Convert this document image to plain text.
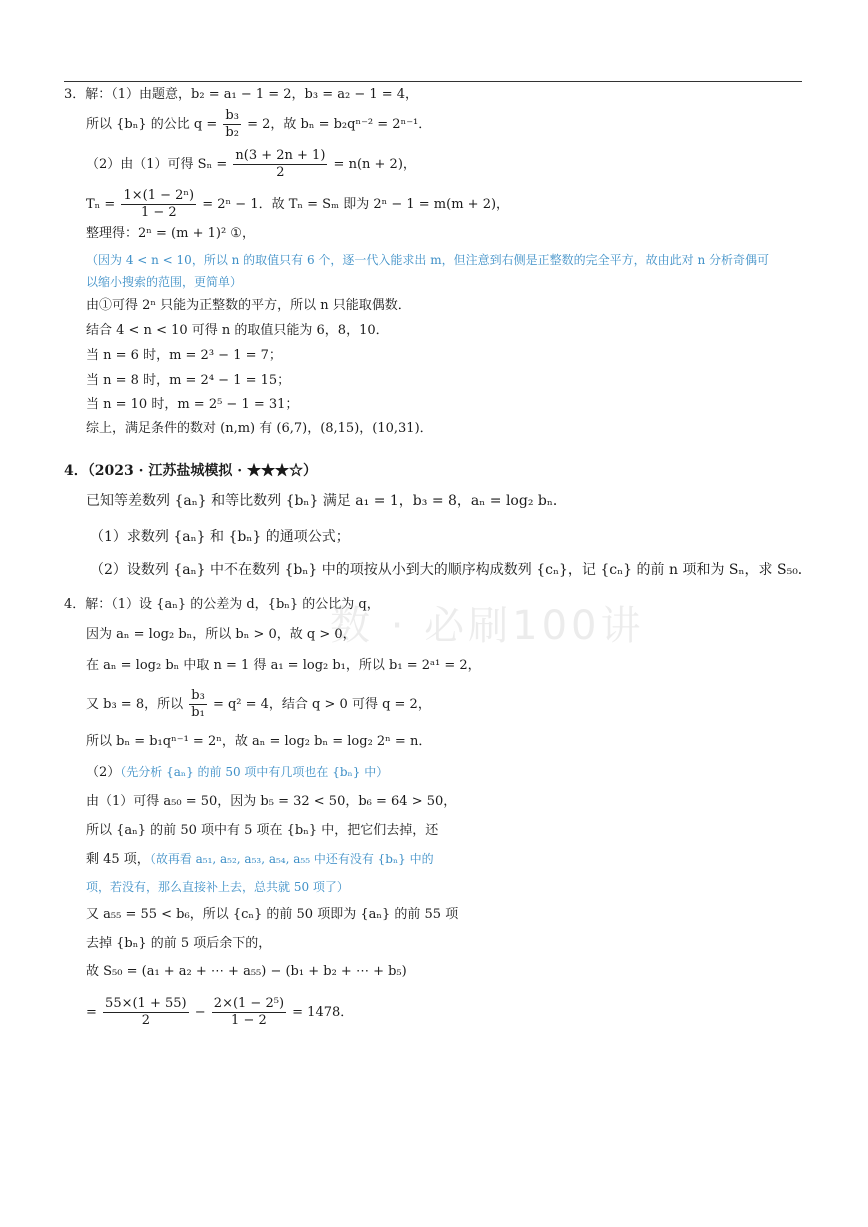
数 · 必刷100讲
3．解：（1）由题意，b₂ = a₁ − 1 = 2，b₃ = a₂ − 1 = 4，
所以 {bₙ} 的公比 $q = \frac{\text{b₃}}{\text{b₂}} = 2$，故 bₙ = b₂qⁿ⁻² = 2ⁿ⁻¹．
（2）由（1）可得 $S_n = \frac{n(3 + 2n + 1)}{2} = n(n + 2)$，
$T_n = \frac{\text{1×(1 − 2ⁿ)}}{1 - 2} = 2^n - 1$．故 Tₙ = Sₘ 即为 2ⁿ − 1 = m(m + 2)，
整理得：2ⁿ = (m + 1)² ①，
（因为 4 < n < 10，所以 n 的取值只有 6 个，逐一代入能求出 m，但注意到右侧是正整数的完全平方，故由此对 n 分析奇偶可
以缩小搜索的范围，更简单）
由①可得 2ⁿ 只能为正整数的平方，所以 n 只能取偶数．
结合 4 < n < 10 可得 n 的取值只能为 6，8，10．
当 n = 6 时，m = 2³ − 1 = 7；
当 n = 8 时，m = 2⁴ − 1 = 15；
当 n = 10 时，m = 2⁵ − 1 = 31；
综上，满足条件的数对 (n,m) 有 (6,7)，(8,15)，(10,31)．
4．（2023 · 江苏盐城模拟 · ★★★☆）
已知等差数列 {aₙ} 和等比数列 {bₙ} 满足 a₁ = 1，b₃ = 8，aₙ = log₂ bₙ．
（1）求数列 {aₙ} 和 {bₙ} 的通项公式；
（2）设数列 {aₙ} 中不在数列 {bₙ} 中的项按从小到大的顺序构成数列 {cₙ}，记 {cₙ} 的前 n 项和为 Sₙ，求 S₅₀．
4．解：（1）设 {aₙ} 的公差为 d，{bₙ} 的公比为 q，
因为 aₙ = log₂ bₙ，所以 bₙ > 0，故 q > 0，
在 aₙ = log₂ bₙ 中取 n = 1 得 a₁ = log₂ b₁，所以 b₁ = 2ᵃ¹ = 2，
又 b₃ = 8，所以 $\frac{\text{b₃}}{\text{b₁}} = q^2 = 4$，结合 q > 0 可得 q = 2，
所以 bₙ = b₁qⁿ⁻¹ = 2ⁿ，故 aₙ = log₂ bₙ = log₂ 2ⁿ = n．
（2）（先分析 {aₙ} 的前 50 项中有几项也在 {bₙ} 中）
由（1）可得 a₅₀ = 50，因为 b₅ = 32 < 50，b₆ = 64 > 50，
所以 {aₙ} 的前 50 项中有 5 项在 {bₙ} 中，把它们去掉，还
剩 45 项，（故再看 a₅₁, a₅₂, a₅₃, a₅₄, a₅₅ 中还有没有 {bₙ} 中的
项，若没有，那么直接补上去，总共就 50 项了）
又 a₅₅ = 55 < b₆，所以 {cₙ} 的前 50 项即为 {aₙ} 的前 55 项
去掉 {bₙ} 的前 5 项后余下的，
故 S₅₀ = (a₁ + a₂ + ⋯ + a₅₅) − (b₁ + b₂ + ⋯ + b₅)
= $\frac{55\times(1 + 55)}{2} - \frac{\text{2×(1 − 2⁵)}}{1 - 2} = 1478$．
